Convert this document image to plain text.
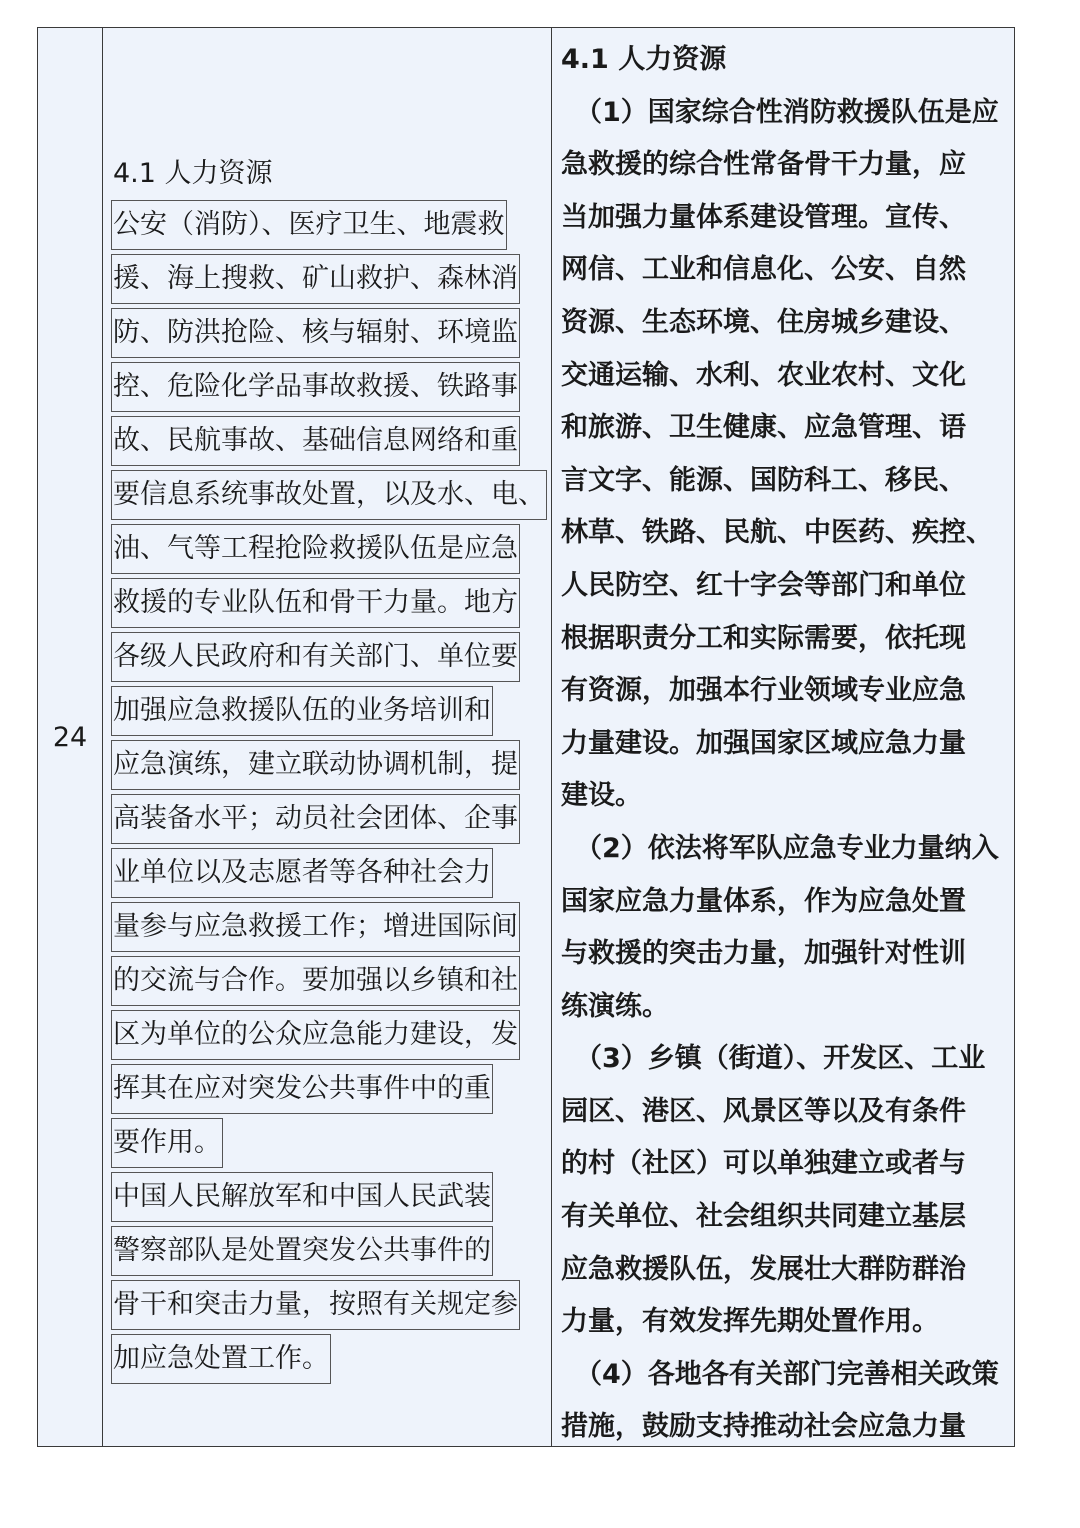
24
4.1 人力资源
公安（消防）、医疗卫生、地震救
援、海上搜救、矿山救护、森林消
防、防洪抢险、核与辐射、环境监
控、危险化学品事故救援、铁路事
故、民航事故、基础信息网络和重
要信息系统事故处置，以及水、电、
油、气等工程抢险救援队伍是应急
救援的专业队伍和骨干力量。地方
各级人民政府和有关部门、单位要
加强应急救援队伍的业务培训和
应急演练，建立联动协调机制，提
高装备水平；动员社会团体、企事
业单位以及志愿者等各种社会力
量参与应急救援工作；增进国际间
的交流与合作。要加强以乡镇和社
区为单位的公众应急能力建设，发
挥其在应对突发公共事件中的重
要作用。
中国人民解放军和中国人民武装
警察部队是处置突发公共事件的
骨干和突击力量，按照有关规定参
加应急处置工作。
4.1 人力资源
（1）国家综合性消防救援队伍是应
急救援的综合性常备骨干力量，应
当加强力量体系建设管理。宣传、
网信、工业和信息化、公安、自然
资源、生态环境、住房城乡建设、
交通运输、水利、农业农村、文化
和旅游、卫生健康、应急管理、语
言文字、能源、国防科工、移民、
林草、铁路、民航、中医药、疾控、
人民防空、红十字会等部门和单位
根据职责分工和实际需要，依托现
有资源，加强本行业领域专业应急
力量建设。加强国家区域应急力量
建设。
（2）依法将军队应急专业力量纳入
国家应急力量体系，作为应急处置
与救援的突击力量，加强针对性训
练演练。
（3）乡镇（街道）、开发区、工业
园区、港区、风景区等以及有条件
的村（社区）可以单独建立或者与
有关单位、社会组织共同建立基层
应急救援队伍，发展壮大群防群治
力量，有效发挥先期处置作用。
（4）各地各有关部门完善相关政策
措施，鼓励支持推动社会应急力量
